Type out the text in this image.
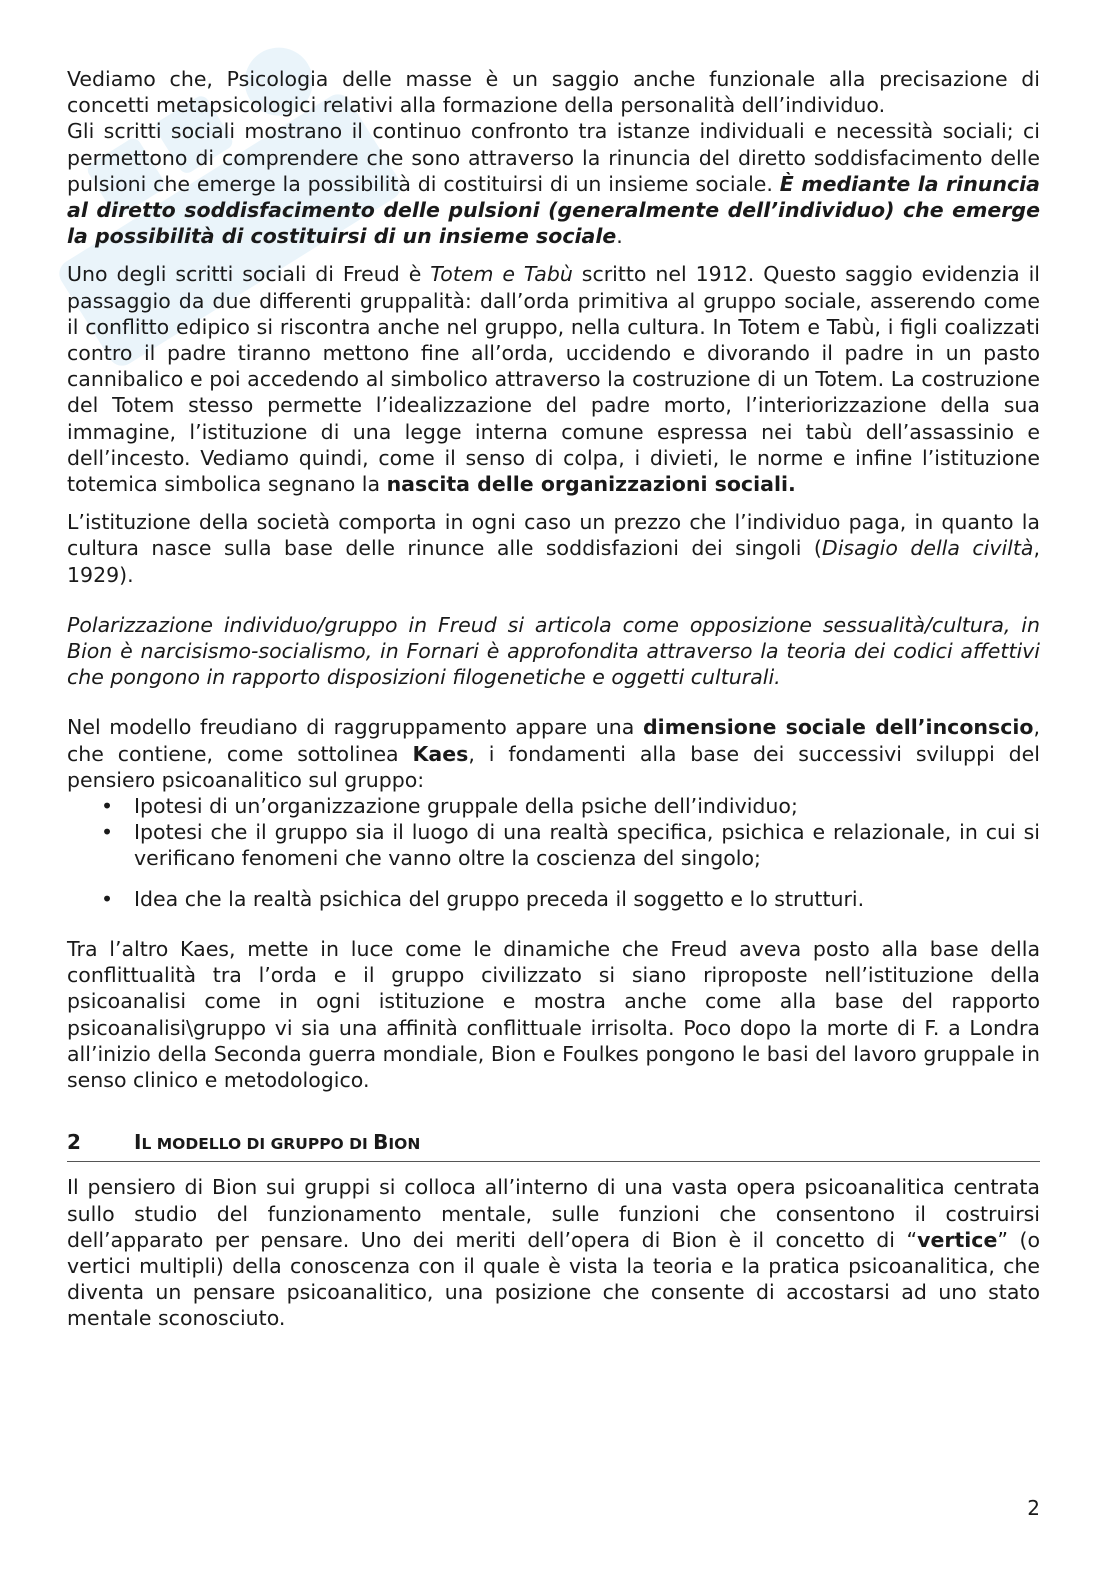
Vediamo che, Psicologia delle masse è un saggio anche funzionale alla precisazione di concetti metapsicologici relativi alla formazione della personalità dell’individuo.

Gli scritti sociali mostrano il continuo confronto tra istanze individuali e necessità sociali; ci permettono di comprendere che sono attraverso la rinuncia del diretto soddisfacimento delle pulsioni che emerge la possibilità di costituirsi di un insieme sociale. È mediante la rinuncia al diretto soddisfacimento delle pulsioni (generalmente dell’individuo) che emerge la possibilità di costituirsi di un insieme sociale.

Uno degli scritti sociali di Freud è Totem e Tabù scritto nel 1912. Questo saggio evidenzia il passaggio da due differenti gruppalità: dall’orda primitiva al gruppo sociale, asserendo come il conflitto edipico si riscontra anche nel gruppo, nella cultura. In Totem e Tabù, i figli coalizzati contro il padre tiranno mettono fine all’orda, uccidendo e divorando il padre in un pasto cannibalico e poi accedendo al simbolico attraverso la costruzione di un Totem. La costruzione del Totem stesso permette l’idealizzazione del padre morto, l’interiorizzazione della sua immagine, l’istituzione di una legge interna comune espressa nei tabù dell’assassinio e dell’incesto. Vediamo quindi, come il senso di colpa, i divieti, le norme e infine l’istituzione totemica simbolica segnano la nascita delle organizzazioni sociali.

L’istituzione della società comporta in ogni caso un prezzo che l’individuo paga, in quanto la cultura nasce sulla base delle rinunce alle soddisfazioni dei singoli (Disagio della civiltà, 1929).

Polarizzazione individuo/gruppo in Freud si articola come opposizione sessualità/cultura, in Bion è narcisismo-socialismo, in Fornari è approfondita attraverso la teoria dei codici affettivi che pongono in rapporto disposizioni filogenetiche e oggetti culturali.

Nel modello freudiano di raggruppamento appare una dimensione sociale dell’inconscio, che contiene, come sottolinea Kaes, i fondamenti alla base dei successivi sviluppi del pensiero psicoanalitico sul gruppo:

• Ipotesi di un’organizzazione gruppale della psiche dell’individuo;
• Ipotesi che il gruppo sia il luogo di una realtà specifica, psichica e relazionale, in cui si verificano fenomeni che vanno oltre la coscienza del singolo;
• Idea che la realtà psichica del gruppo preceda il soggetto e lo strutturi.

Tra l’altro Kaes, mette in luce come le dinamiche che Freud aveva posto alla base della conflittualità tra l’orda e il gruppo civilizzato si siano riproposte nell’istituzione della psicoanalisi come in ogni istituzione e mostra anche come alla base del rapporto psicoanalisi\gruppo vi sia una affinità conflittuale irrisolta. Poco dopo la morte di F. a Londra all’inizio della Seconda guerra mondiale, Bion e Foulkes pongono le basi del lavoro gruppale in senso clinico e metodologico.

2	IL MODELLO DI GRUPPO DI BION

Il pensiero di Bion sui gruppi si colloca all’interno di una vasta opera psicoanalitica centrata sullo studio del funzionamento mentale, sulle funzioni che consentono il costruirsi dell’apparato per pensare. Uno dei meriti dell’opera di Bion è il concetto di “vertice” (o vertici multipli) della conoscenza con il quale è vista la teoria e la pratica psicoanalitica, che diventa un pensare psicoanalitico, una posizione che consente di accostarsi ad uno stato mentale sconosciuto.

2
